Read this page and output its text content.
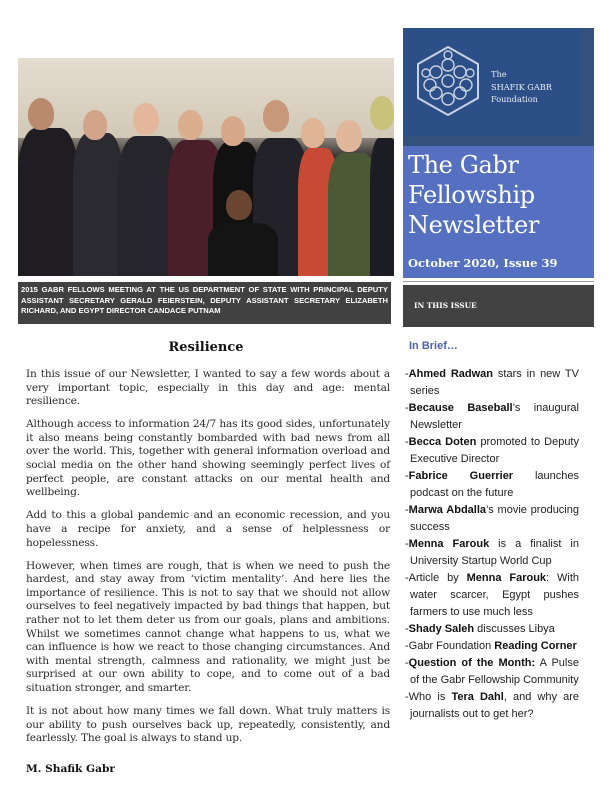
2015 GABR FELLOWS MEETING AT THE US DEPARTMENT OF STATE WITH PRINCIPAL DEPUTY ASSISTANT SECRETARY GERALD FEIERSTEIN, DEPUTY ASSISTANT SECRETARY ELIZABETH RICHARD, AND EGYPT DIRECTOR CANDACE PUTNAM
The
SHAFIK GABR
Foundation
The Gabr
Fellowship
Newsletter
October 2020, Issue 39
IN THIS ISSUE
In Brief…
-Ahmed Radwan stars in new TV series
-Because Baseball’s inaugural Newsletter
-Becca Doten promoted to Deputy Executive Director
-Fabrice Guerrier launches podcast on the future
-Marwa Abdalla’s movie producing success
-Menna Farouk is a finalist in University Startup World Cup
-Article by Menna Farouk: With water scarcer, Egypt pushes farmers to use much less
-Shady Saleh discusses Libya
-Gabr Foundation Reading Corner
-Question of the Month: A Pulse of the Gabr Fellowship Community
-Who is Tera Dahl, and why are journalists out to get her?
Resilience

In this issue of our Newsletter, I wanted to say a few words about a very important topic, especially in this day and age: mental resilience.

Although access to information 24/7 has its good sides, unfortunately it also means being constantly bombarded with bad news from all over the world. This, together with general information overload and social media on the other hand showing seemingly perfect lives of perfect people, are constant attacks on our mental health and wellbeing.

Add to this a global pandemic and an economic recession, and you have a recipe for anxiety, and a sense of helplessness or hopelessness.

However, when times are rough, that is when we need to push the hardest, and stay away from ‘victim mentality’. And here lies the importance of resilience. This is not to say that we should not allow ourselves to feel negatively impacted by bad things that happen, but rather not to let them deter us from our goals, plans and ambitions. Whilst we sometimes cannot change what happens to us, what we can influence is how we react to those changing circumstances. And with mental strength, calmness and rationality, we might just be surprised at our own ability to cope, and to come out of a bad situation stronger, and smarter.

It is not about how many times we fall down. What truly matters is our ability to push ourselves back up, repeatedly, consistently, and fearlessly. The goal is always to stand up.

M. Shafik Gabr
